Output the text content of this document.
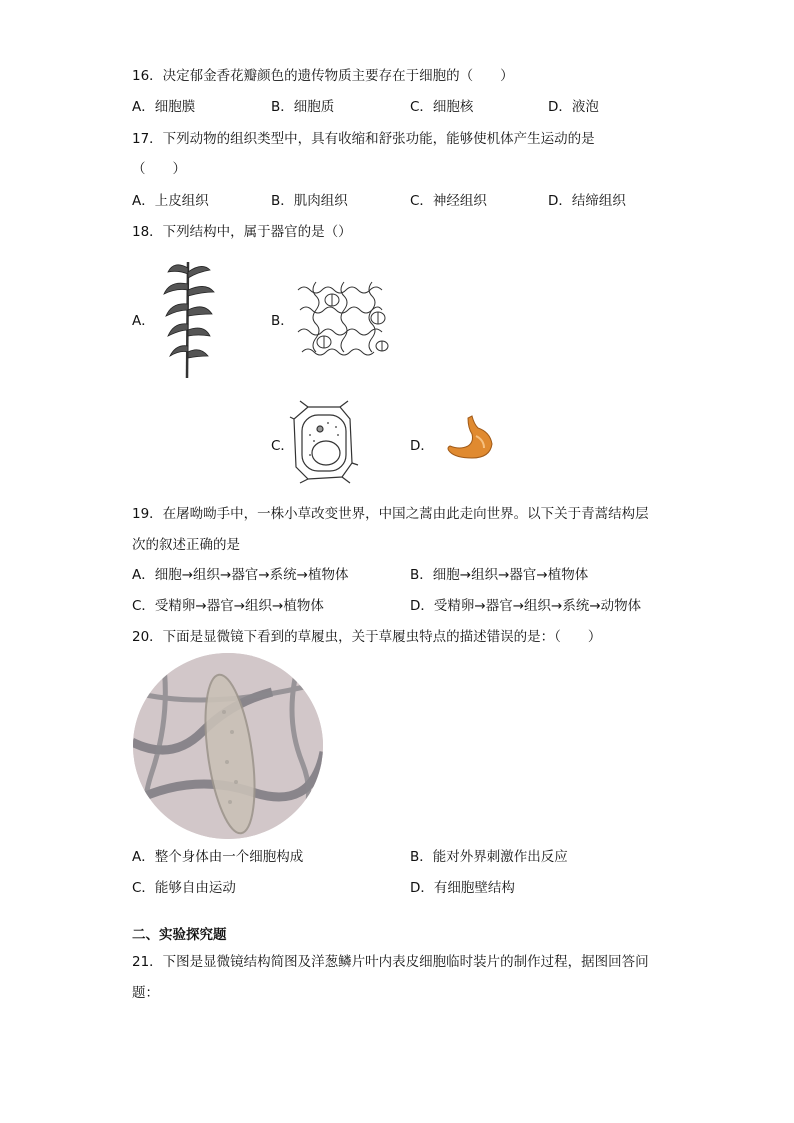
16．决定郁金香花瓣颜色的遗传物质主要存在于细胞的（　　）
A．细胞膜	B．细胞质	C．细胞核	D．液泡
17．下列动物的组织类型中，具有收缩和舒张功能，能够使机体产生运动的是
（　　）
A．上皮组织	B．肌肉组织	C．神经组织	D．结缔组织
18．下列结构中，属于器官的是（）
A．	B．
C．	D．
19．在屠呦呦手中，一株小草改变世界，中国之蒿由此走向世界。以下关于青蒿结构层
次的叙述正确的是
A．细胞→组织→器官→系统→植物体	B．细胞→组织→器官→植物体
C．受精卵→器官→组织→植物体	D．受精卵→器官→组织→系统→动物体
20．下面是显微镜下看到的草履虫，关于草履虫特点的描述错误的是：（　　）
A．整个身体由一个细胞构成	B．能对外界刺激作出反应
C．能够自由运动	D．有细胞壁结构
二、实验探究题
21．下图是显微镜结构简图及洋葱鳞片叶内表皮细胞临时装片的制作过程，据图回答问
题：
